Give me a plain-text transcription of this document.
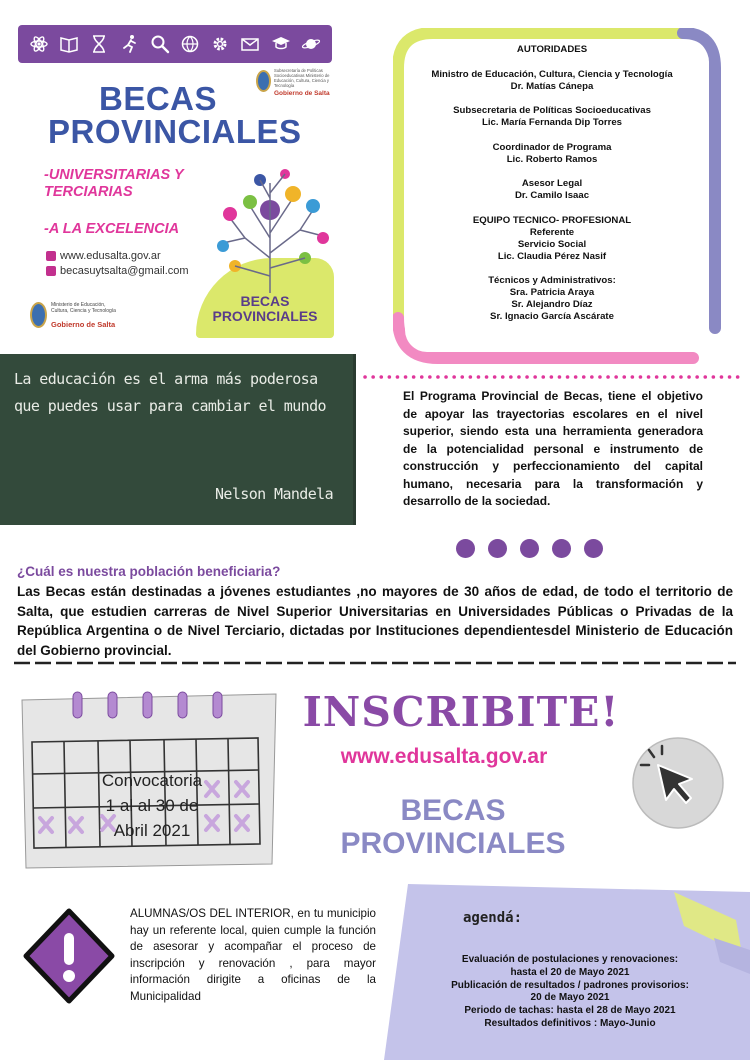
Subsecretaría de Políticas Socioeducativas Ministerio de Educación, Cultura, Ciencia y Tecnología
Gobierno de Salta
BECAS
PROVINCIALES
-UNIVERSITARIAS Y TERCIARIAS
-A LA EXCELENCIA
www.edusalta.gov.ar
becasuytsalta@gmail.com
Ministerio de Educación, Cultura, Ciencia y Tecnología
Gobierno de Salta
BECAS
PROVINCIALES
AUTORIDADES
Ministro de Educación, Cultura, Ciencia y Tecnología
Dr. Matías Cánepa
Subsecretaria de Políticas Socioeducativas
Lic. María Fernanda Dip Torres
Coordinador de Programa
Lic. Roberto Ramos
Asesor Legal
Dr. Camilo Isaac
EQUIPO TECNICO- PROFESIONAL
Referente
Servicio Social
Lic. Claudia Pérez Nasif
Técnicos y Administrativos:
Sra. Patricia Araya
Sr. Alejandro Díaz
Sr. Ignacio García Ascárate
La educación es el arma más poderosa
que puedes usar para cambiar el mundo
Nelson Mandela
El Programa Provincial de Becas, tiene el objetivo de apoyar las trayectorias escolares en el nivel superior, siendo esta una herramienta generadora de la potencialidad personal e instrumento de construcción y perfeccionamiento del capital humano, necesaria para la transformación y desarrollo de la sociedad.
¿Cuál es nuestra población beneficiaria?
Las Becas están destinadas a jóvenes estudiantes ,no mayores de 30 años de edad, de todo el territorio de Salta, que estudien carreras de Nivel Superior Universitarias en Universidades Públicas o Privadas de la República Argentina o de Nivel Terciario, dictadas por Instituciones dependientesdel Ministerio de Educación del Gobierno provincial.
Convocatoria
1 al al 30 de
Abril 2021
INSCRIBITE!
www.edusalta.gov.ar
BECAS
PROVINCIALES
ALUMNAS/OS DEL INTERIOR, en tu municipio hay un referente local, quien cumple la función de asesorar y acompañar el proceso de inscripción y renovación , para mayor información dirigite a oficinas de la Municipalidad
agendá:
Evaluación de postulaciones y renovaciones:
hasta el 20 de Mayo 2021
Publicación de resultados / padrones provisorios:
20 de Mayo 2021
Periodo de tachas: hasta el 28 de Mayo 2021
Resultados definitivos : Mayo-Junio
